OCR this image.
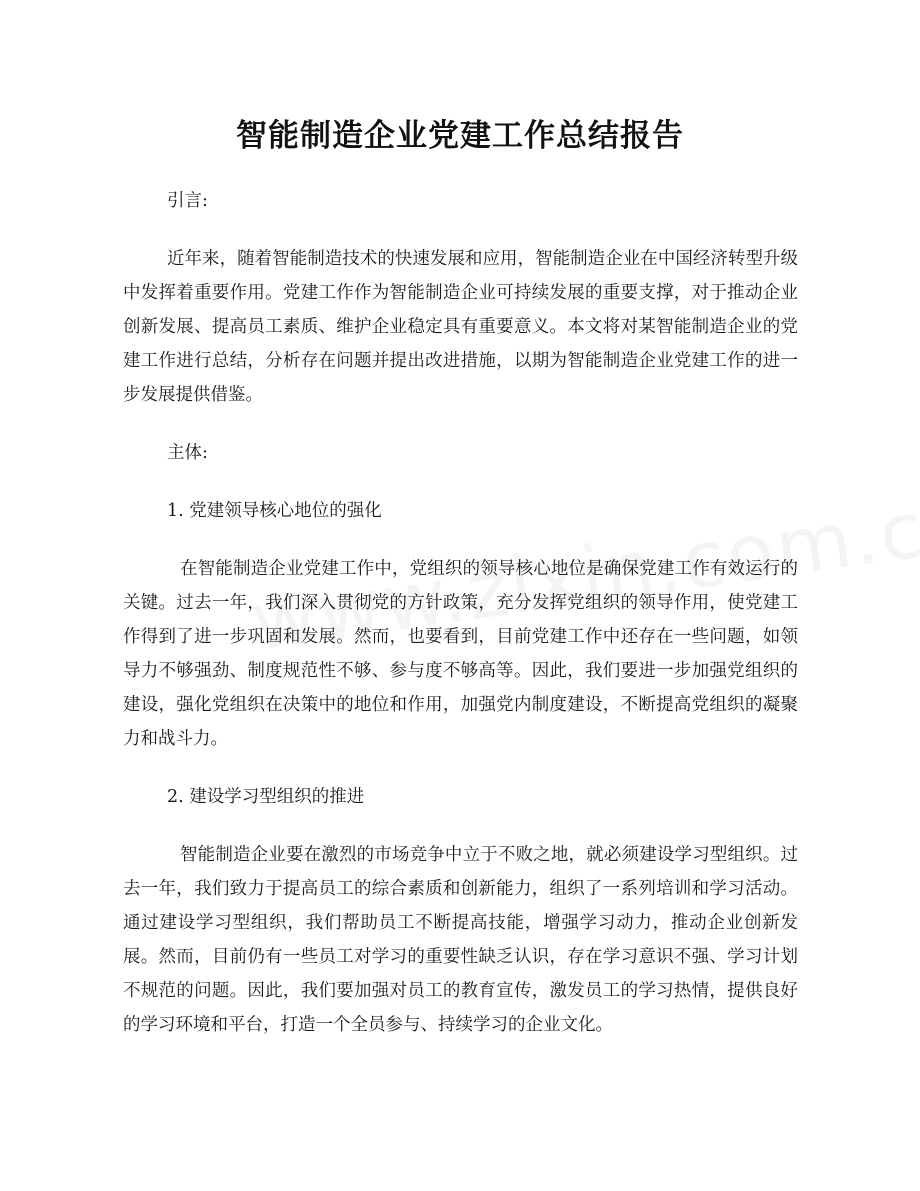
智能制造企业党建工作总结报告

引言:

近年来，随着智能制造技术的快速发展和应用，智能制造企业在中国经济转型升级中发挥着重要作用。党建工作作为智能制造企业可持续发展的重要支撑，对于推动企业创新发展、提高员工素质、维护企业稳定具有重要意义。本文将对某智能制造企业的党建工作进行总结，分析存在问题并提出改进措施，以期为智能制造企业党建工作的进一步发展提供借鉴。

主体:

1. 党建领导核心地位的强化

在智能制造企业党建工作中，党组织的领导核心地位是确保党建工作有效运行的关键。过去一年，我们深入贯彻党的方针政策，充分发挥党组织的领导作用，使党建工作得到了进一步巩固和发展。然而，也要看到，目前党建工作中还存在一些问题，如领导力不够强劲、制度规范性不够、参与度不够高等。因此，我们要进一步加强党组织的建设，强化党组织在决策中的地位和作用，加强党内制度建设，不断提高党组织的凝聚力和战斗力。

2. 建设学习型组织的推进

智能制造企业要在激烈的市场竞争中立于不败之地，就必须建设学习型组织。过去一年，我们致力于提高员工的综合素质和创新能力，组织了一系列培训和学习活动。通过建设学习型组织，我们帮助员工不断提高技能，增强学习动力，推动企业创新发展。然而，目前仍有一些员工对学习的重要性缺乏认识，存在学习意识不强、学习计划不规范的问题。因此，我们要加强对员工的教育宣传，激发员工的学习热情，提供良好的学习环境和平台，打造一个全员参与、持续学习的企业文化。
